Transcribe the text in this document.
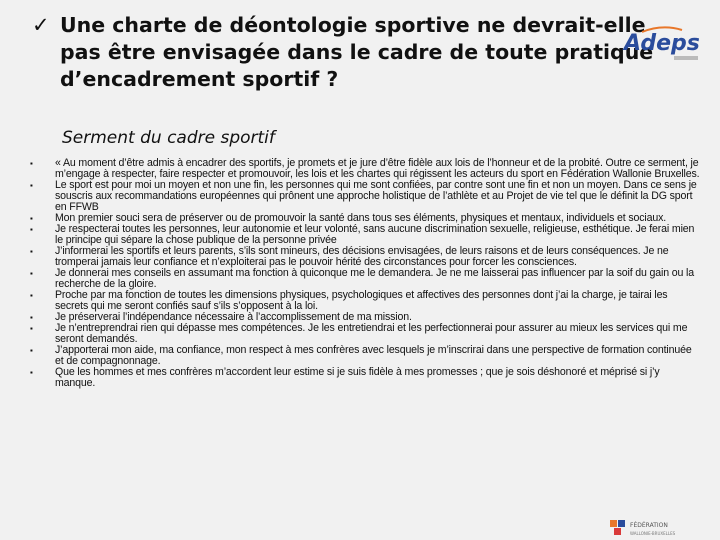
✓ Une charte de déontologie sportive ne devrait-elle
pas être envisagée dans le cadre de toute pratique
d’encadrement sportif ?
Adeps
Serment du cadre sportif
▪ « Au moment d’être admis à encadrer des sportifs, je promets et je jure d’être fidèle aux lois de l’honneur et de la probité. Outre ce serment, je m’engage à respecter, faire respecter et promouvoir, les lois et les chartes qui régissent les acteurs du sport en Fédération Wallonie Bruxelles.
▪ Le sport est pour moi un moyen et non une fin, les personnes qui me sont confiées, par contre sont une fin et non un moyen. Dans ce sens je souscris aux recommandations européennes qui prônent une approche holistique de l’athlète et au Projet de vie tel que le définit la DG sport en FFWB
▪ Mon premier souci sera de préserver ou de promouvoir la santé dans tous ses éléments, physiques et mentaux, individuels et sociaux.
▪ Je respecterai toutes les personnes, leur autonomie et leur volonté, sans aucune discrimination sexuelle, religieuse, esthétique. Je ferai mien le principe qui sépare la chose publique de la personne privée
▪ J’informerai les sportifs et leurs parents, s’ils sont mineurs, des décisions envisagées, de leurs raisons et de leurs conséquences. Je ne tromperai jamais leur confiance et n’exploiterai pas le pouvoir hérité des circonstances pour forcer les consciences.
▪ Je donnerai mes conseils en assumant ma fonction à quiconque me le demandera. Je ne me laisserai pas influencer par la soif du gain ou la recherche de la gloire.
▪ Proche par ma fonction de toutes les dimensions physiques, psychologiques et affectives des personnes dont j’ai la charge, je tairai les secrets qui me seront confiés sauf s’ils s’opposent à la loi.
▪ Je préserverai l’indépendance nécessaire à l’accomplissement de ma mission.
▪ Je n’entreprendrai rien qui dépasse mes compétences. Je les entretiendrai et les perfectionnerai pour assurer au mieux les services qui me seront demandés.
▪ J’apporterai mon aide, ma confiance, mon respect à mes confrères avec lesquels je m’inscrirai dans une perspective de formation continuée et de compagnonnage.
▪ Que les hommes et mes confrères m’accordent leur estime si je suis fidèle à mes promesses ; que je sois déshonoré et méprisé si j’y manque.
FÉDÉRATION
WALLONIE-BRUXELLES
